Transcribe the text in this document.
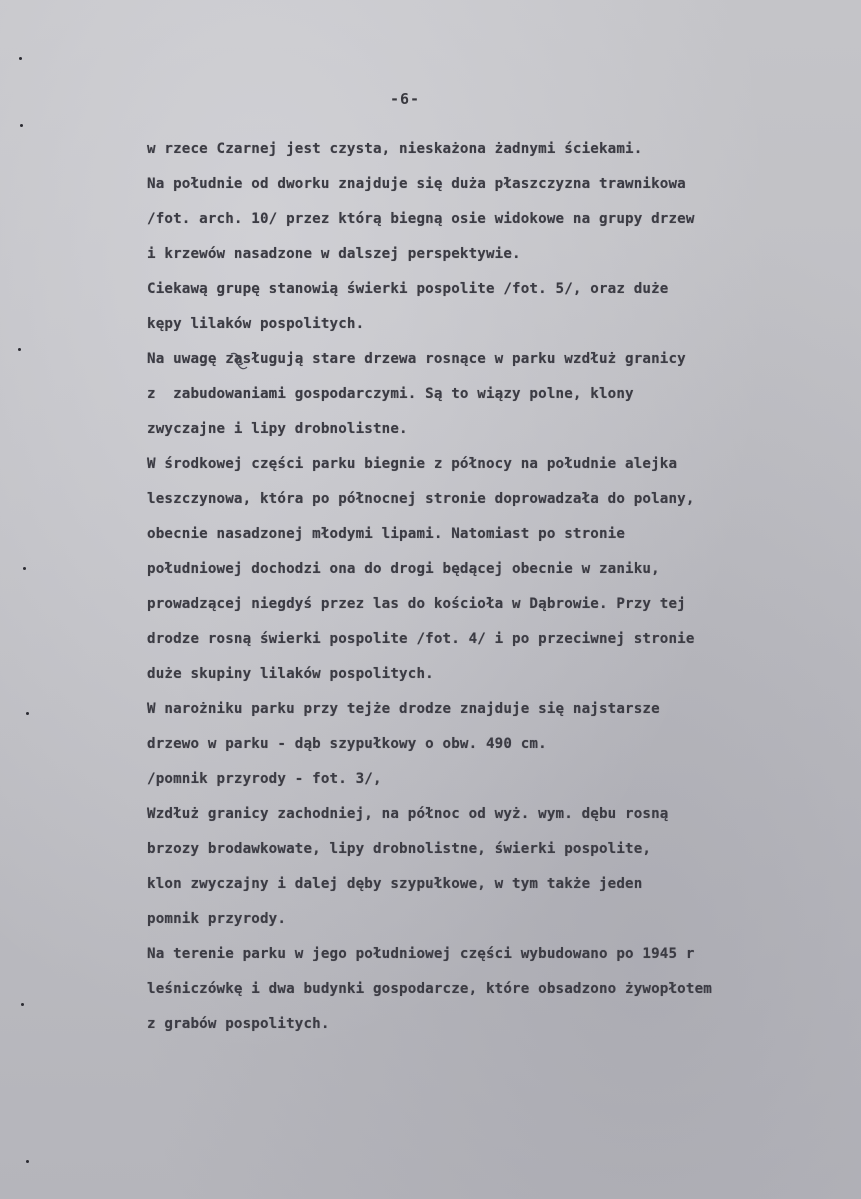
-6-
w rzece Czarnej jest czysta, nieskażona żadnymi ściekami.
Na południe od dworku znajduje się duża płaszczyzna trawnikowa
/fot. arch. 10/ przez którą biegną osie widokowe na grupy drzew
i krzewów nasadzone w dalszej perspektywie.
Ciekawą grupę stanowią świerki pospolite /fot. 5/, oraz duże
kępy lilaków pospolitych.
Na uwagę zasługują stare drzewa rosnące w parku wzdłuż granicy
z  zabudowaniami gospodarczymi. Są to wiązy polne, klony
zwyczajne i lipy drobnolistne.
W środkowej części parku biegnie z północy na południe alejka
leszczynowa, która po północnej stronie doprowadzała do polany,
obecnie nasadzonej młodymi lipami. Natomiast po stronie
południowej dochodzi ona do drogi będącej obecnie w zaniku,
prowadzącej niegdyś przez las do kościoła w Dąbrowie. Przy tej
drodze rosną świerki pospolite /fot. 4/ i po przeciwnej stronie
duże skupiny lilaków pospolitych.
W narożniku parku przy tejże drodze znajduje się najstarsze
drzewo w parku - dąb szypułkowy o obw. 490 cm.
/pomnik przyrody - fot. 3/,
Wzdłuż granicy zachodniej, na północ od wyż. wym. dębu rosną
brzozy brodawkowate, lipy drobnolistne, świerki pospolite,
klon zwyczajny i dalej dęby szypułkowe, w tym także jeden
pomnik przyrody.
Na terenie parku w jego południowej części wybudowano po 1945 r
leśniczówkę i dwa budynki gospodarcze, które obsadzono żywopłotem
z grabów pospolitych.
